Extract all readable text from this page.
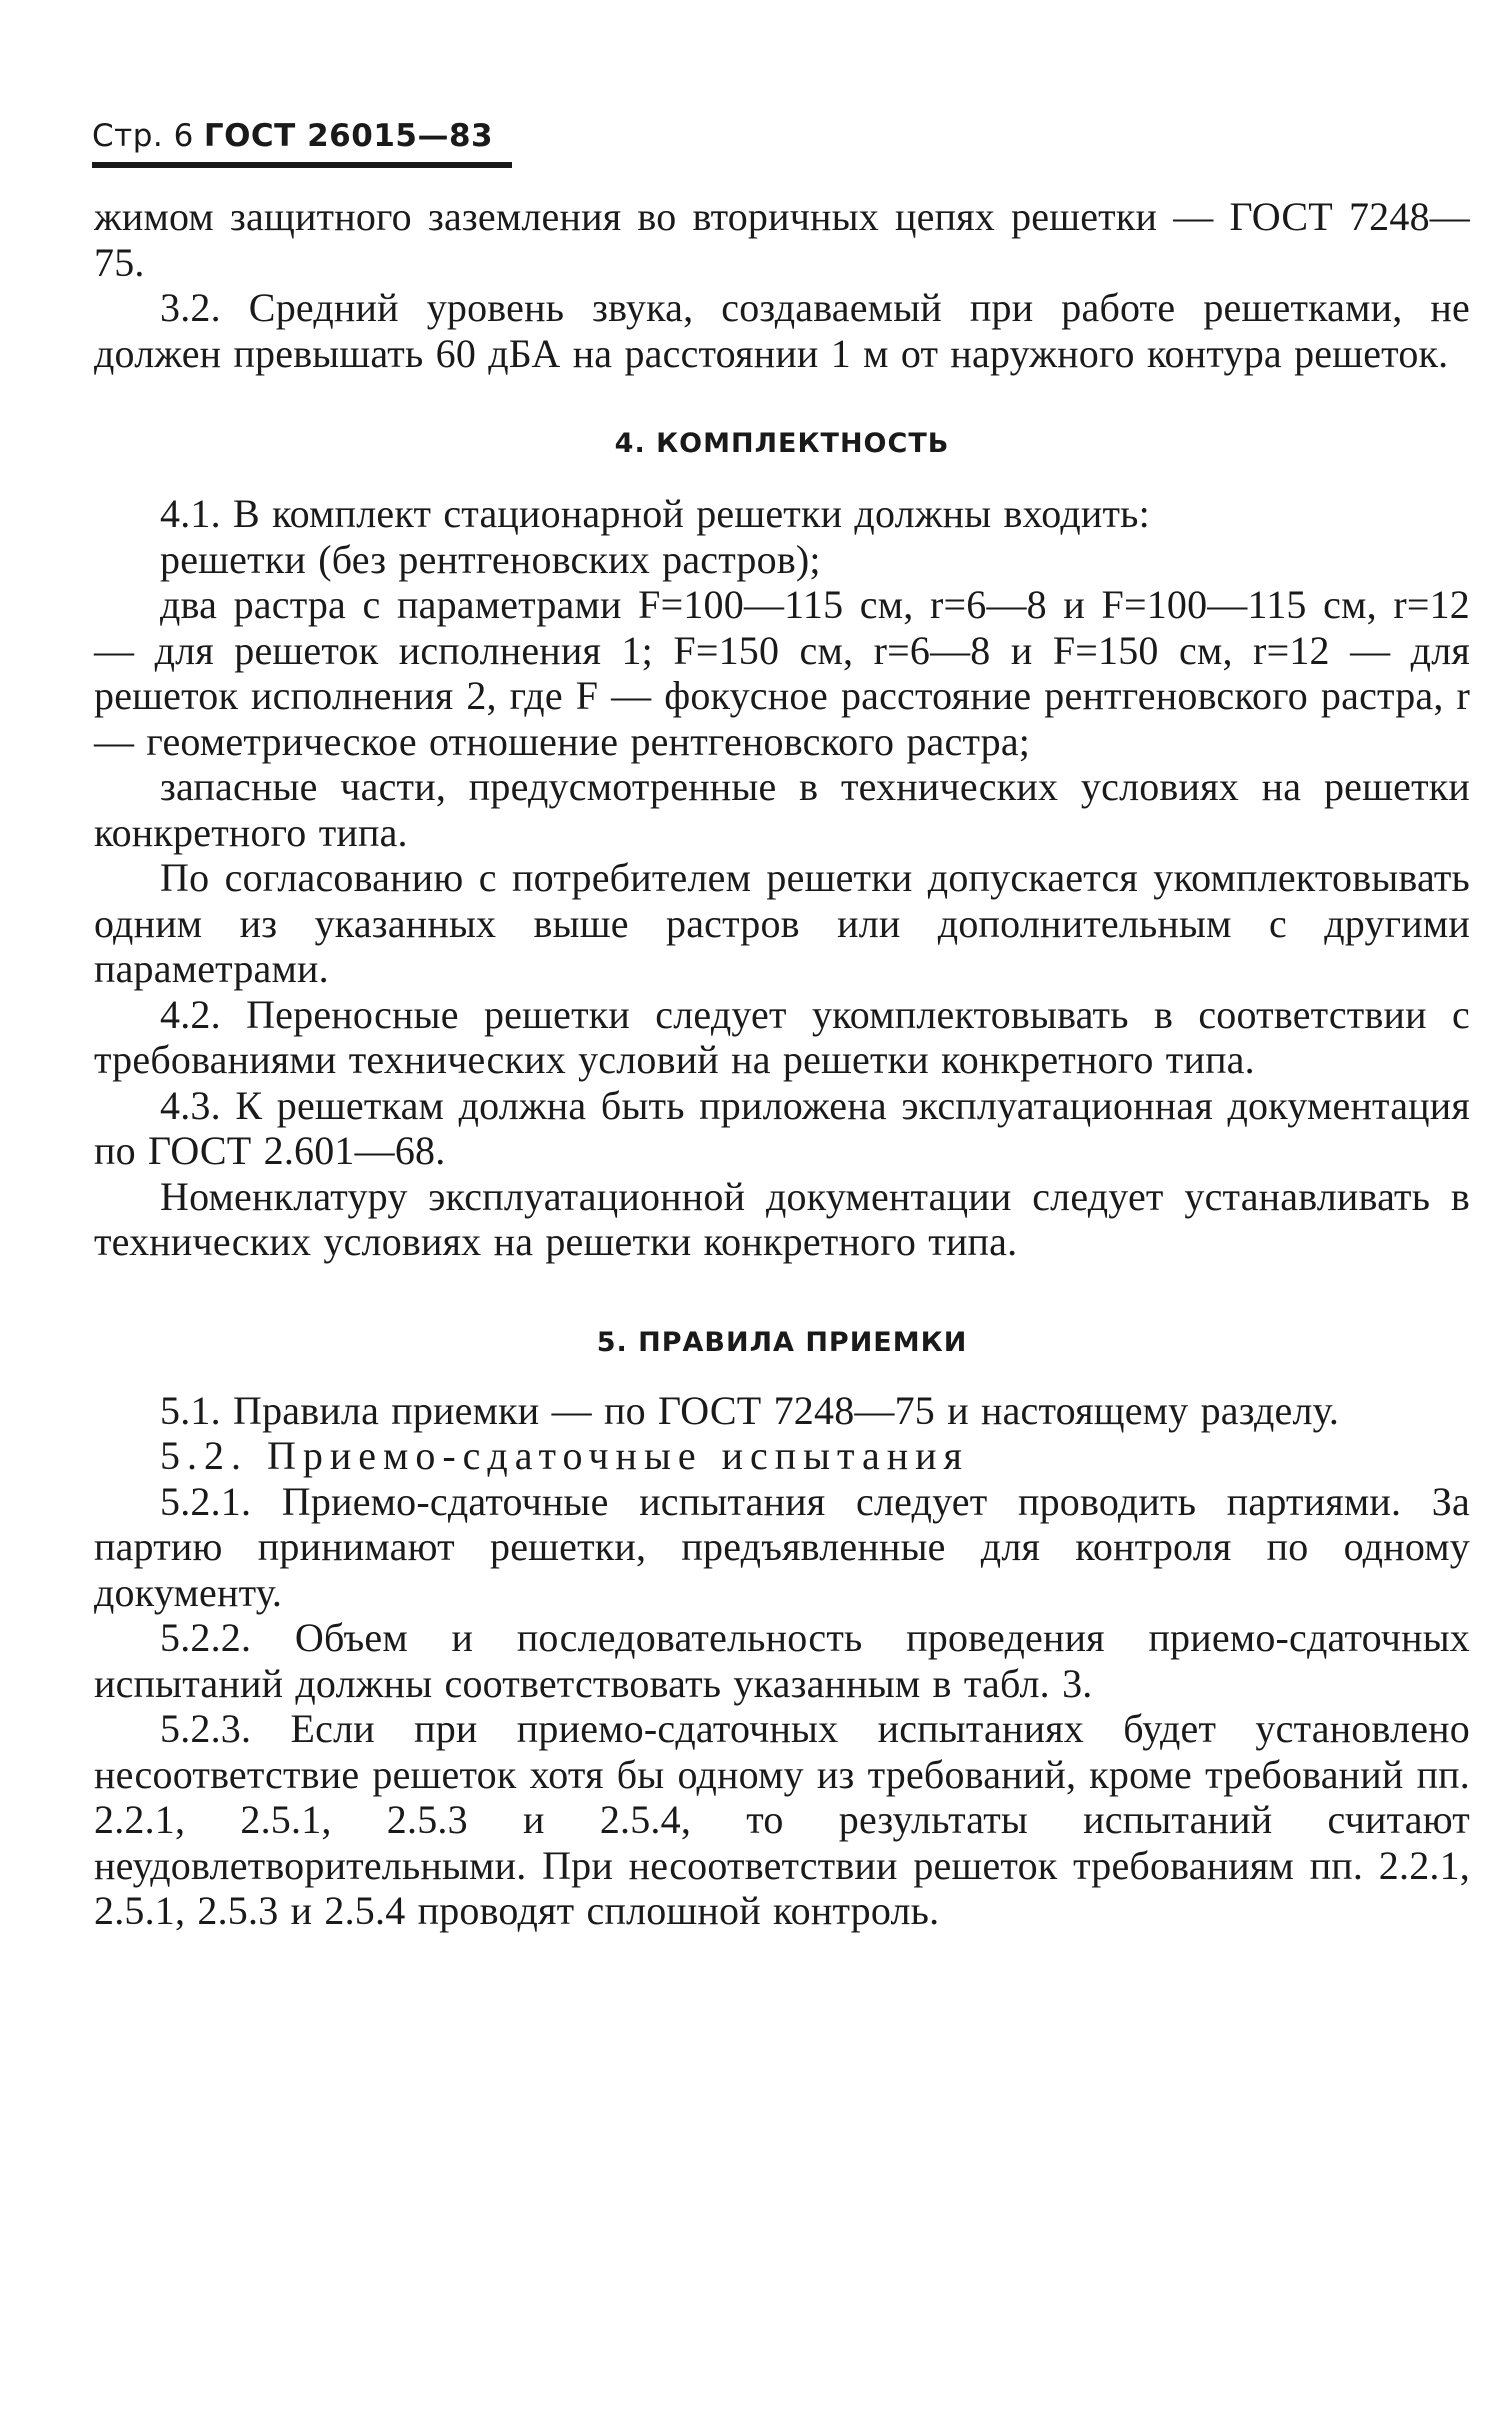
Стр. 6 ГОСТ 26015—83

жимом защитного заземления во вторичных цепях решетки — ГОСТ 7248—75.

3.2. Средний уровень звука, создаваемый при работе решетками, не должен превышать 60 дБА на расстоянии 1 м от наружного контура решеток.

4. КОМПЛЕКТНОСТЬ

4.1. В комплект стационарной решетки должны входить:

решетки (без рентгеновских растров);

два растра с параметрами F=100—115 см, r=6—8 и F=100—115 см, r=12 — для решеток исполнения 1; F=150 см, r=6—8 и F=150 см, r=12 — для решеток исполнения 2, где F — фокусное расстояние рентгеновского растра, r — геометрическое отношение рентгеновского растра;

запасные части, предусмотренные в технических условиях на решетки конкретного типа.

По согласованию с потребителем решетки допускается укомплектовывать одним из указанных выше растров или дополнительным с другими параметрами.

4.2. Переносные решетки следует укомплектовывать в соответствии с требованиями технических условий на решетки конкретного типа.

4.3. К решеткам должна быть приложена эксплуатационная документация по ГОСТ 2.601—68.

Номенклатуру эксплуатационной документации следует устанавливать в технических условиях на решетки конкретного типа.

5. ПРАВИЛА ПРИЕМКИ

5.1. Правила приемки — по ГОСТ 7248—75 и настоящему разделу.

5.2. Приемо-сдаточные испытания

5.2.1. Приемо-сдаточные испытания следует проводить партиями. За партию принимают решетки, предъявленные для контроля по одному документу.

5.2.2. Объем и последовательность проведения приемо-сдаточных испытаний должны соответствовать указанным в табл. 3.

5.2.3. Если при приемо-сдаточных испытаниях будет установлено несоответствие решеток хотя бы одному из требований, кроме требований пп. 2.2.1, 2.5.1, 2.5.3 и 2.5.4, то результаты испытаний считают неудовлетворительными. При несоответствии решеток требованиям пп. 2.2.1, 2.5.1, 2.5.3 и 2.5.4 проводят сплошной контроль.
